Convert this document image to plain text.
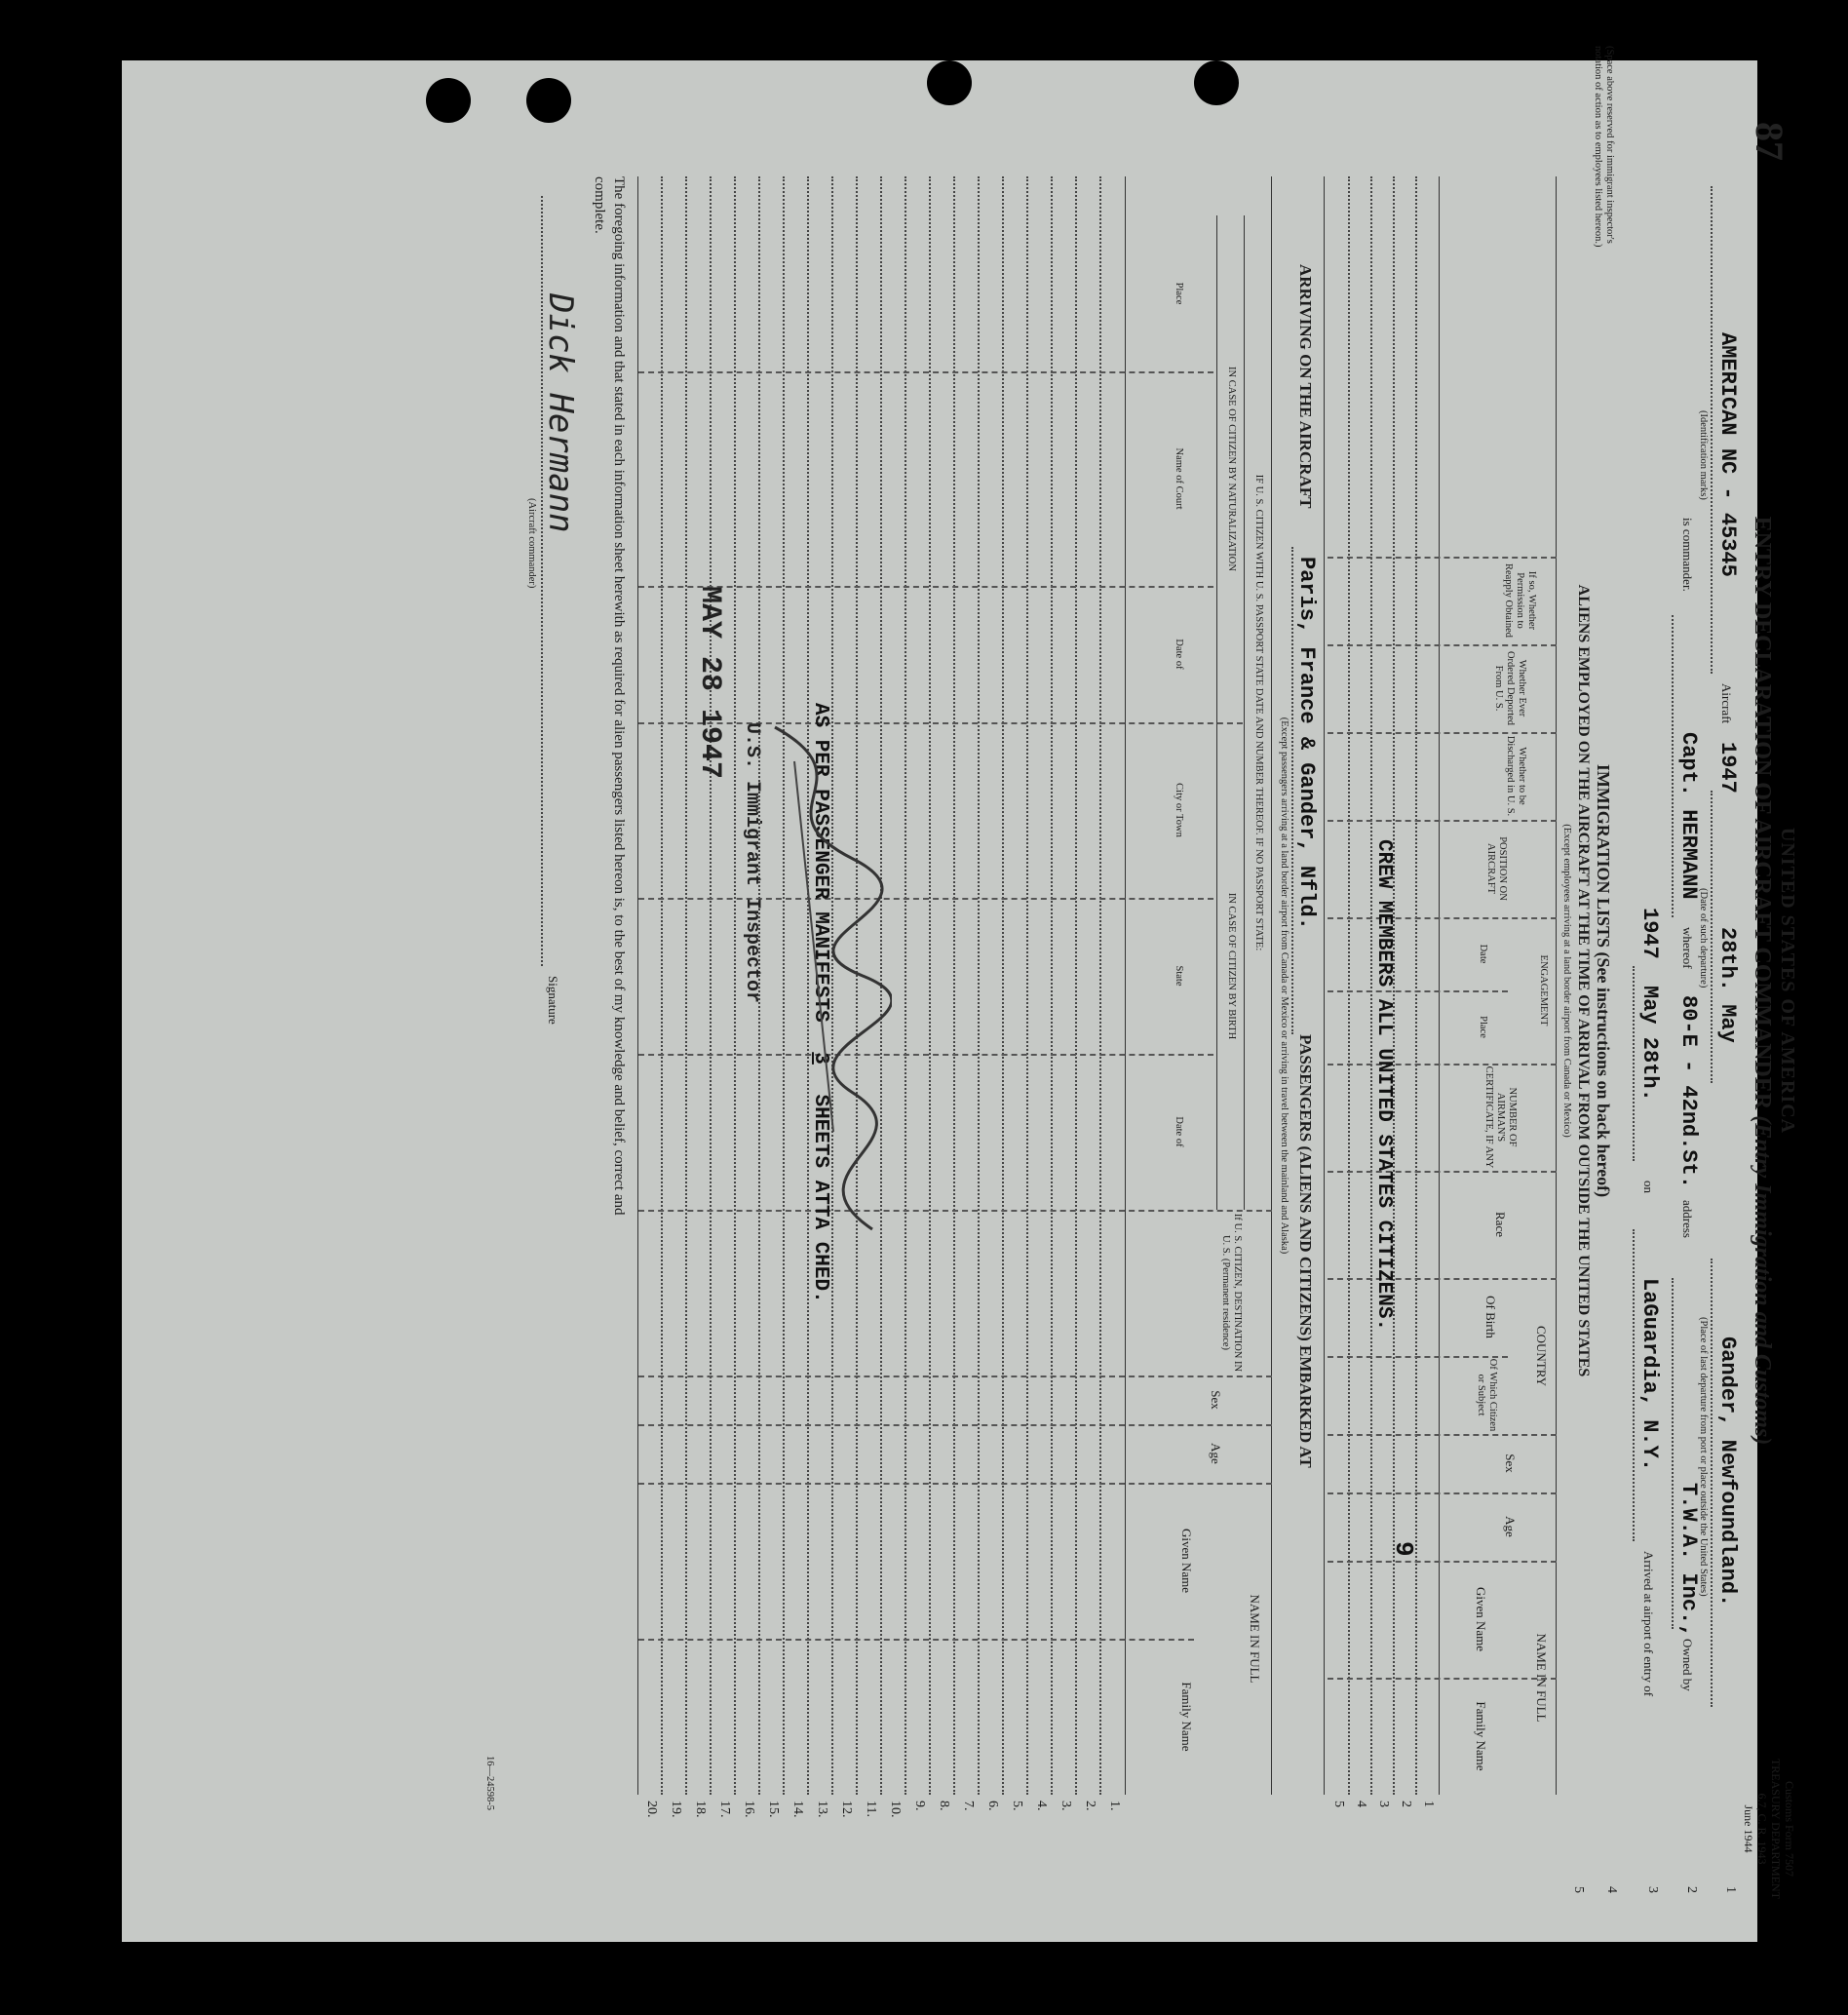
Customs Form 7507
TREASURY DEPARTMENT
6.7, C. R. 1943
June 1944
UNITED STATES OF AMERICA
ENTRY DECLARATION OF AIRCRAFT COMMANDER (Entry Immigration and Customs)
87
Gander, Newfoundland.
28th. May
1947
Aircraft
AMERICAN NC - 45345
(Place of last departure from port or place outside the United States)
(Date of such departure)
(Identification marks)
Owned by
T.W.A. Inc.,
address
80-E - 42nd.St.
whereof
Capt. HERMANN
is commander.
Arrived at airport of entry of
LaGuardia, N.Y.
on
May 28th.
1947
1
2
3
IMMIGRATION LISTS (See instructions on back hereof)
ALIENS EMPLOYED ON THE AIRCRAFT AT THE TIME OF ARRIVAL FROM OUTSIDE THE UNITED STATES
(Except employees arriving at a land border airport from Canada or Mexico)
(Space above reserved for immigrant inspector's
notation of action as to employees listed hereon.)
4
5
NAME IN FULL
Family Name
Given Name
Age
Sex
COUNTRY
Of Which Citizen or Subject
Of Birth
Race
NUMBER OF AIRMAN'S CERTIFICATE, IF ANY
ENGAGEMENT
Place
Date
POSITION ON AIRCRAFT
Whether to be Discharged in U. S.
Whether Ever Ordered Deported From U. S.
If so, Whether Permission to Reapply Obtained
9
CREW MEMBERS ALL UNITED STATES CITIZENS.
1
2
3
4
5
PASSENGERS (ALIENS AND CITIZENS) EMBARKED AT
Paris, France & Gander, Nfld.
ARRIVING ON THE AIRCRAFT
(Except passengers arriving at a land border airport from Canada or Mexico or arriving in travel between the mainland and Alaska)
NAME IN FULL
Family Name
Given Name
Age
Sex
If U. S. CITIZEN, DESTINATION IN U. S. (Permanent residence)
IF U. S. CITIZEN WITH U. S. PASSPORT STATE DATE AND NUMBER THEREOF. IF NO PASSPORT STATE:
IN CASE OF CITIZEN BY BIRTH
IN CASE OF CITIZEN BY NATURALIZATION
Date of
State
City or Town
Date of
Name of Court
Place
AS PER PASSENGER MANIFESTS 3 SHEETS ATTA CHED.
U.S. Immigrant Inspector
MAY 28 1947
1.
2.
3.
4.
5.
6.
7.
8.
9.
10.
11.
12.
13.
14.
15.
16.
17.
18.
19.
20.
The foregoing information and that stated in each information sheet herewith as required for alien passengers listed hereon is, to the best of my knowledge and belief, correct and
complete.
Signature
Dick Hermann
(Aircraft commander)
16—24598-5
